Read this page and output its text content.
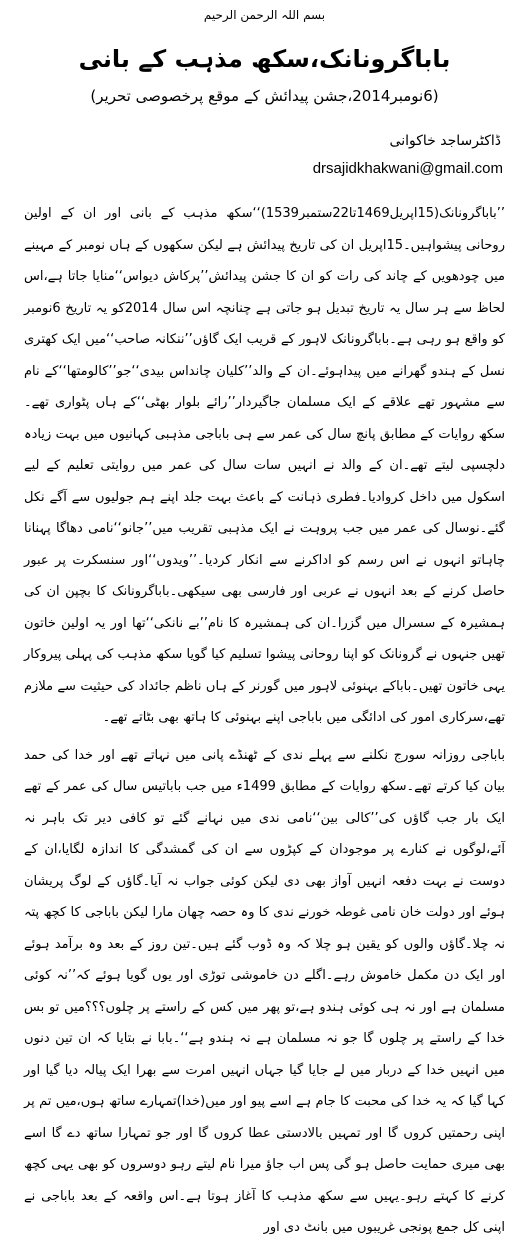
بسم اللہ الرحمن الرحیم
باباگرونانک،سکھ مذہب کے بانی
(6نومبر2014،جشن پیدائش کے موقع پرخصوصی تحریر)
ڈاکٹرساجد خاکوانی
drsajidkhakwani@gmail.com

’’باباگرونانک(15اپریل1469تا22ستمبر1539)‘‘سکھ مذہب کے بانی اور ان کے اولین روحانی پیشواہیں۔15اپریل ان کی تاریخ پیدائش ہے لیکن سکھوں کے ہاں نومبر کے مہینے میں چودھویں کے چاند کی رات کو ان کا جشن پیدائش’’پرکاش دیواس‘‘منایا جاتا ہے،اس لحاظ سے ہر سال یہ تاریخ تبدیل ہو جاتی ہے چنانچہ اس سال 2014کو یہ تاریخ 6نومبر کو واقع ہو رہی ہے۔باباگرونانک لاہور کے قریب ایک گاؤں’’ننکانہ صاحب‘‘میں ایک کھتری نسل کے ہندو گھرانے میں پیداہوئے۔ان کے والد’’کلیان چانداس بیدی‘‘جو’’کالومتھا‘‘کے نام سے مشہور تھے علاقے کے ایک مسلمان جاگیردار’’رائے بلوار بھٹی‘‘کے ہاں پٹواری تھے۔سکھ روایات کے مطابق پانچ سال کی عمر سے ہی باباجی مذہبی کہانیوں میں بہت زیادہ دلچسپی لیتے تھے۔ان کے والد نے انہیں سات سال کی عمر میں روایتی تعلیم کے لیے اسکول میں داخل کروادیا۔فطری ذہانت کے باعث بہت جلد اپنے ہم جولیوں سے آگے نکل گئے۔نوسال کی عمر میں جب پروہت نے ایک مذہبی تقریب میں’’جانو‘‘نامی دھاگا پہنانا چاہاتو انہوں نے اس رسم کو اداکرنے سے انکار کردیا۔’’ویدوں‘‘اور سنسکرت پر عبور حاصل کرنے کے بعد انہوں نے عربی اور فارسی بھی سیکھی۔باباگرونانک کا بچپن ان کی ہمشیرہ کے سسرال میں گزرا۔ان کی ہمشیرہ کا نام’’بے نانکی‘‘تھا اور یہ اولین خاتون تھیں جنہوں نے گرونانک کو اپنا روحانی پیشوا تسلیم کیا گویا سکھ مذہب کی پہلی پیروکار یہی خاتون تھیں۔باباکے بہنوئی لاہور میں گورنر کے ہاں ناظم جائداد کی حیثیت سے ملازم تھے،سرکاری امور کی ادائگی میں باباجی اپنے بہنوئی کا ہاتھ بھی بٹاتے تھے۔

باباجی روزانہ سورج نکلنے سے پہلے ندی کے ٹھنڈے پانی میں نہاتے تھے اور خدا کی حمد بیان کیا کرتے تھے۔سکھ روایات کے مطابق 1499ء میں جب باباتیس سال کی عمر کے تھے ایک بار جب گاؤں کی’’کالی بین‘‘نامی ندی میں نہانے گئے تو کافی دیر تک باہر نہ آئے،لوگوں نے کنارے پر موجودان کے کپڑوں سے ان کی گمشدگی کا اندازہ لگایا،ان کے دوست نے بہت دفعہ انہیں آواز بھی دی لیکن کوئی جواب نہ آیا۔گاؤں کے لوگ پریشان ہوئے اور دولت خان نامی غوطہ خورنے ندی کا وہ حصہ چھان مارا لیکن باباجی کا کچھ پتہ نہ چلا۔گاؤں والوں کو یقین ہو چلا کہ وہ ڈوب گئے ہیں۔تین روز کے بعد وہ برآمد ہوئے اور ایک دن مکمل خاموش رہے۔اگلے دن خاموشی توڑی اور یوں گویا ہوئے کہ’’نہ کوئی مسلمان ہے اور نہ ہی کوئی ہندو ہے،تو پھر میں کس کے راستے پر چلوں؟؟؟میں تو بس خدا کے راستے پر چلوں گا جو نہ مسلمان ہے نہ ہندو ہے‘‘۔بابا نے بتایا کہ ان تین دنوں میں انہیں خدا کے دربار میں لے جایا گیا جہاں انہیں امرت سے بھرا ایک پیالہ دیا گیا اور کہا گیا کہ یہ خدا کی محبت کا جام ہے اسے پیو اور میں(خدا)تمہارے ساتھ ہوں،میں تم پر اپنی رحمتیں کروں گا اور تمہیں بالادستی عطا کروں گا اور جو تمہارا ساتھ دے گا اسے بھی میری حمایت حاصل ہو گی پس اب جاؤ میرا نام لیتے رہو دوسروں کو بھی یہی کچھ کرنے کا کہتے رہو۔یہیں سے سکھ مذہب کا آغاز ہوتا ہے۔اس واقعہ کے بعد باباجی نے اپنی کل جمع پونجی غریبوں میں بانٹ دی اور
